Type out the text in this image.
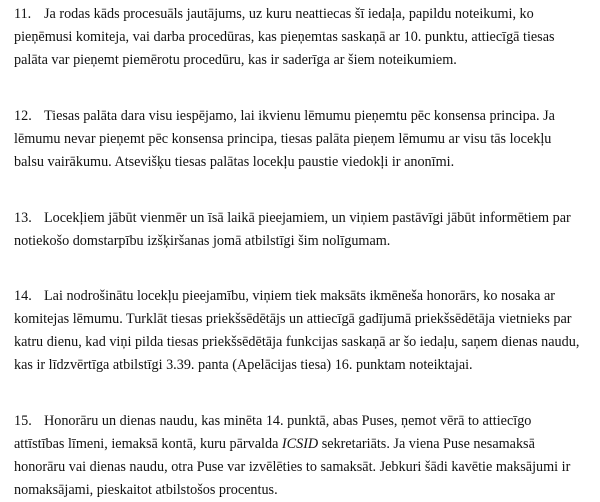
11. Ja rodas kāds procesuāls jautājums, uz kuru neattiecas šī iedaļa, papildu noteikumi, ko
pieņēmusi komiteja, vai darba procedūras, kas pieņemtas saskaņā ar 10. punktu, attiecīgā tiesas
palāta var pieņemt piemērotu procedūru, kas ir saderīga ar šiem noteikumiem.
12. Tiesas palāta dara visu iespējamo, lai ikvienu lēmumu pieņemtu pēc konsensa principa. Ja
lēmumu nevar pieņemt pēc konsensa principa, tiesas palāta pieņem lēmumu ar visu tās locekļu
balsu vairākumu. Atsevišķu tiesas palātas locekļu paustie viedokļi ir anonīmi.
13. Locekļiem jābūt vienmēr un īsā laikā pieejamiem, un viņiem pastāvīgi jābūt informētiem par
notiekošo domstarpību izšķiršanas jomā atbilstīgi šim nolīgumam.
14. Lai nodrošinātu locekļu pieejamību, viņiem tiek maksāts ikmēneša honorārs, ko nosaka ar
komitejas lēmumu. Turklāt tiesas priekšsēdētājs un attiecīgā gadījumā priekšsēdētāja vietnieks par
katru dienu, kad viņi pilda tiesas priekšsēdētāja funkcijas saskaņā ar šo iedaļu, saņem dienas naudu,
kas ir līdzvērtīga atbilstīgi 3.39. panta (Apelācijas tiesa) 16. punktam noteiktajai.
15. Honorāru un dienas naudu, kas minēta 14. punktā, abas Puses, ņemot vērā to attiecīgo
attīstības līmeni, iemaksā kontā, kuru pārvalda ICSID sekretariāts. Ja viena Puse nesamaksā
honorāru vai dienas naudu, otra Puse var izvēlēties to samaksāt. Jebkuri šādi kavētie maksājumi ir
nomaksājami, pieskaitot atbilstošos procentus.
